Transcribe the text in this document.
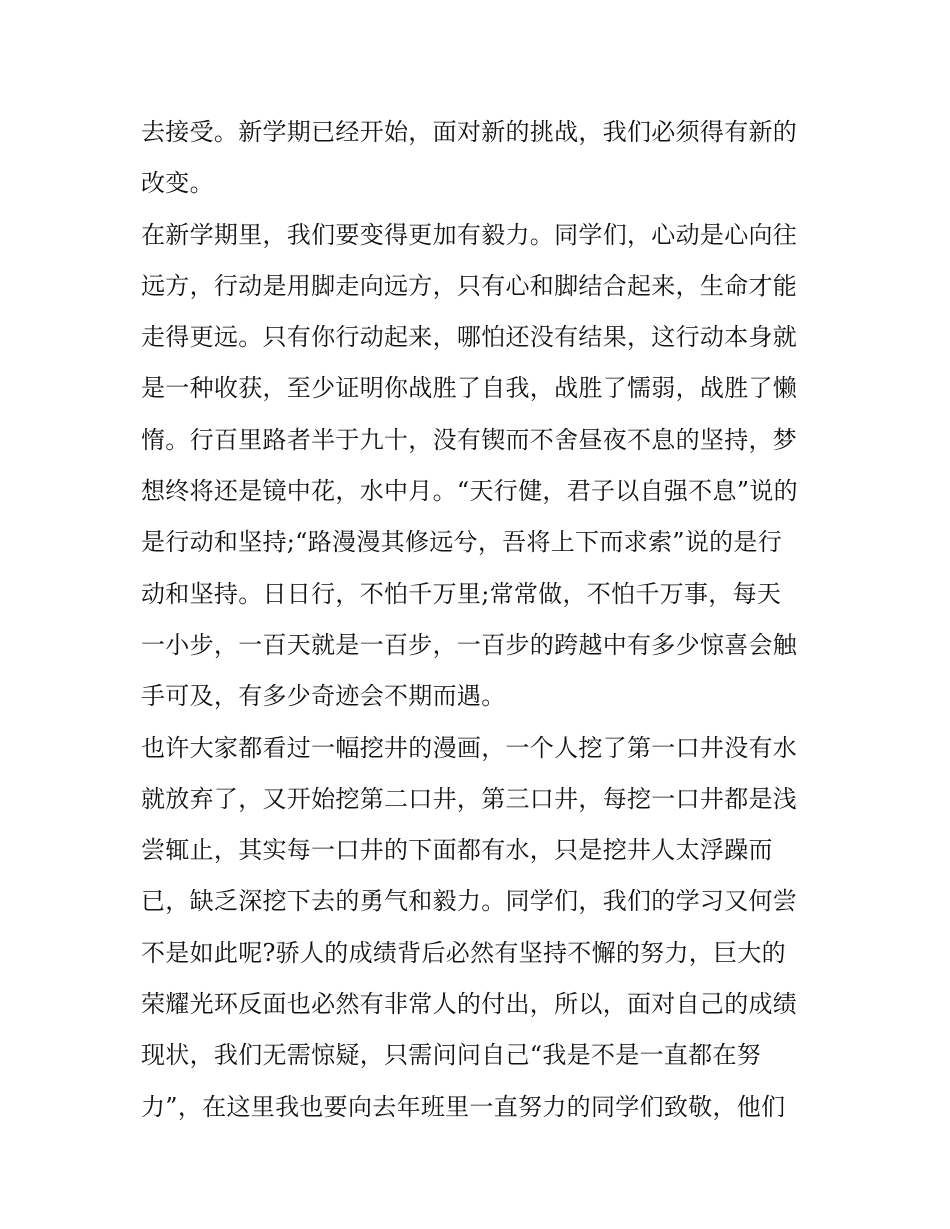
去接受。新学期已经开始，面对新的挑战，我们必须得有新的
改变。
在新学期里，我们要变得更加有毅力。同学们，心动是心向往
远方，行动是用脚走向远方，只有心和脚结合起来，生命才能
走得更远。只有你行动起来，哪怕还没有结果，这行动本身就
是一种收获，至少证明你战胜了自我，战胜了懦弱，战胜了懒
惰。行百里路者半于九十，没有锲而不舍昼夜不息的坚持，梦
想终将还是镜中花，水中月。“天行健，君子以自强不息”说的
是行动和坚持;“路漫漫其修远兮，吾将上下而求索”说的是行
动和坚持。日日行，不怕千万里;常常做，不怕千万事，每天
一小步，一百天就是一百步，一百步的跨越中有多少惊喜会触
手可及，有多少奇迹会不期而遇。
也许大家都看过一幅挖井的漫画，一个人挖了第一口井没有水
就放弃了，又开始挖第二口井，第三口井，每挖一口井都是浅
尝辄止，其实每一口井的下面都有水，只是挖井人太浮躁而
已，缺乏深挖下去的勇气和毅力。同学们，我们的学习又何尝
不是如此呢?骄人的成绩背后必然有坚持不懈的努力，巨大的
荣耀光环反面也必然有非常人的付出，所以，面对自己的成绩
现状，我们无需惊疑，只需问问自己“我是不是一直都在努
力”，在这里我也要向去年班里一直努力的同学们致敬，他们
